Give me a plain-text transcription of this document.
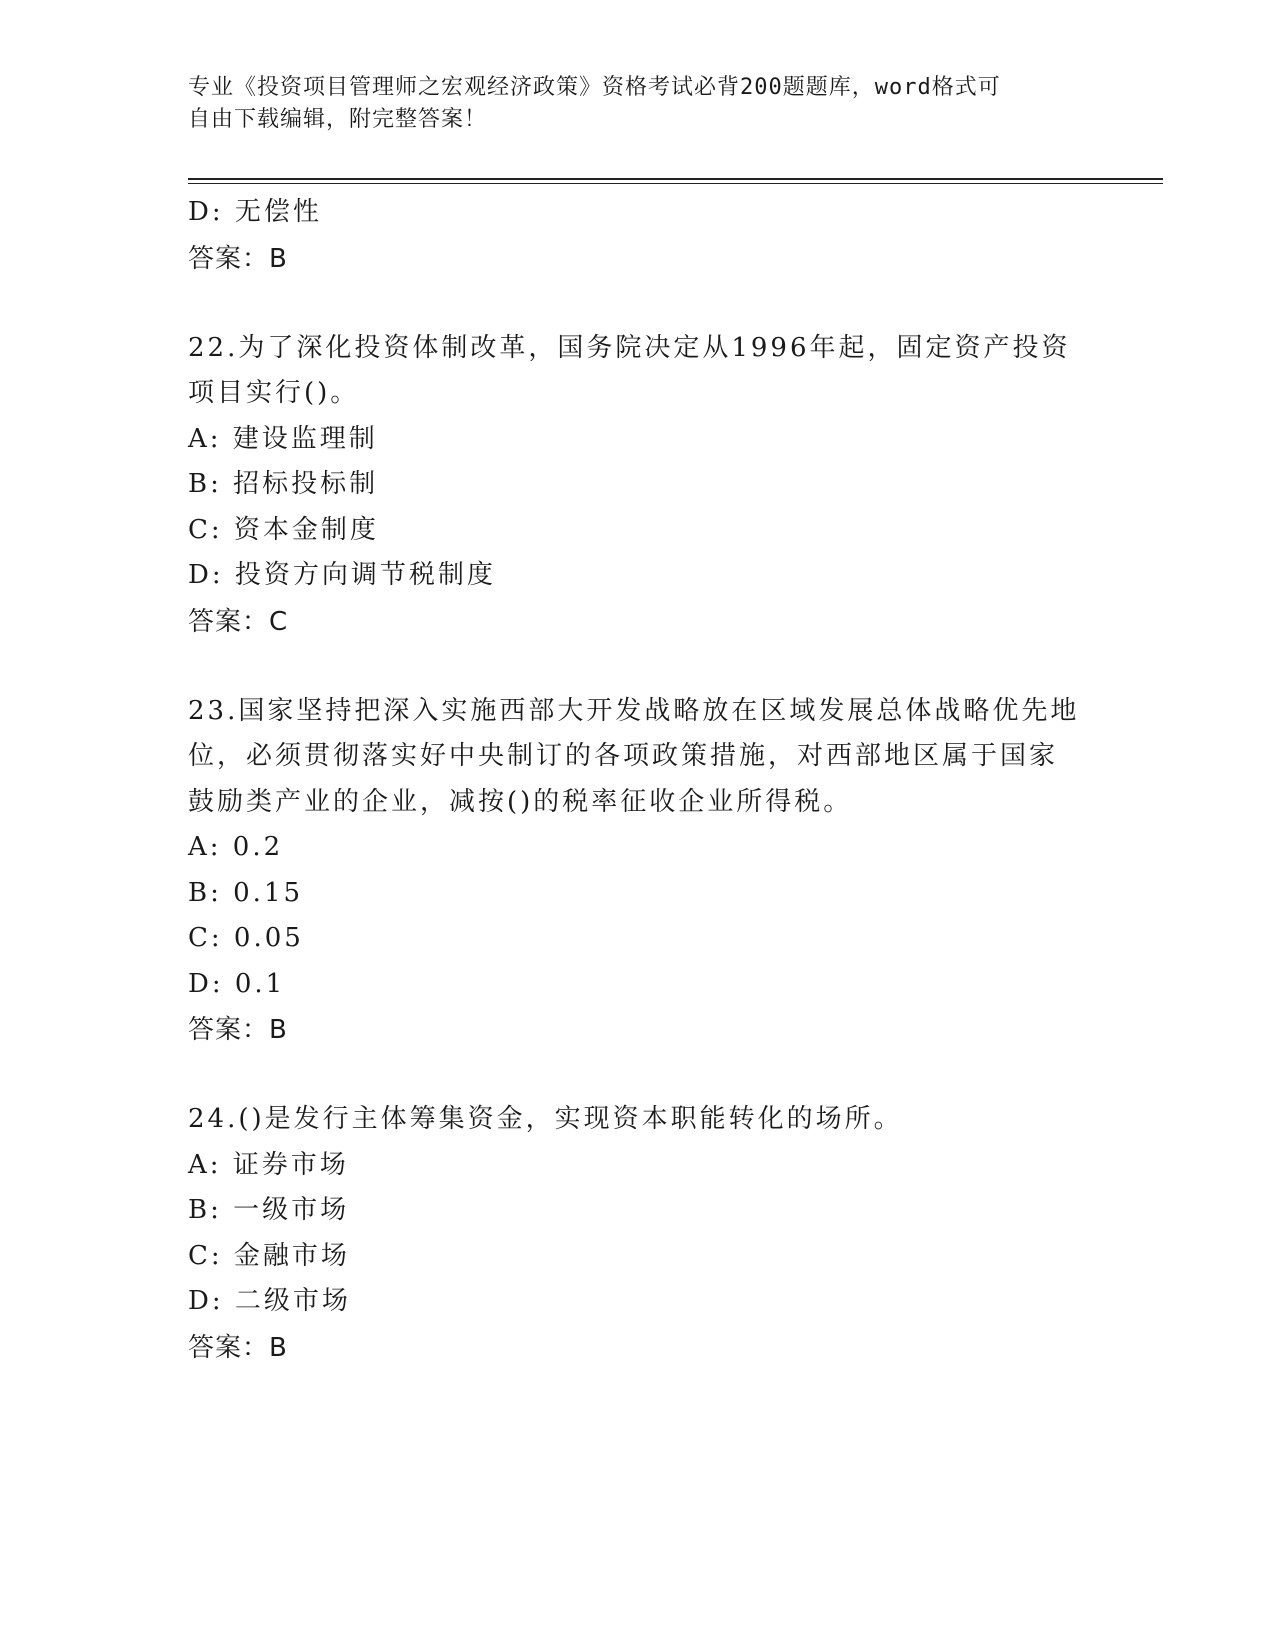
专业《投资项目管理师之宏观经济政策》资格考试必背200题题库，word格式可
自由下载编辑，附完整答案！
D: 无偿性
答案：B
22.为了深化投资体制改革，国务院决定从1996年起，固定资产投资
项目实行()。
A: 建设监理制
B: 招标投标制
C: 资本金制度
D: 投资方向调节税制度
答案：C
23.国家坚持把深入实施西部大开发战略放在区域发展总体战略优先地
位，必须贯彻落实好中央制订的各项政策措施，对西部地区属于国家
鼓励类产业的企业，减按()的税率征收企业所得税。
A: 0.2
B: 0.15
C: 0.05
D: 0.1
答案：B
24.()是发行主体筹集资金，实现资本职能转化的场所。
A: 证券市场
B: 一级市场
C: 金融市场
D: 二级市场
答案：B
